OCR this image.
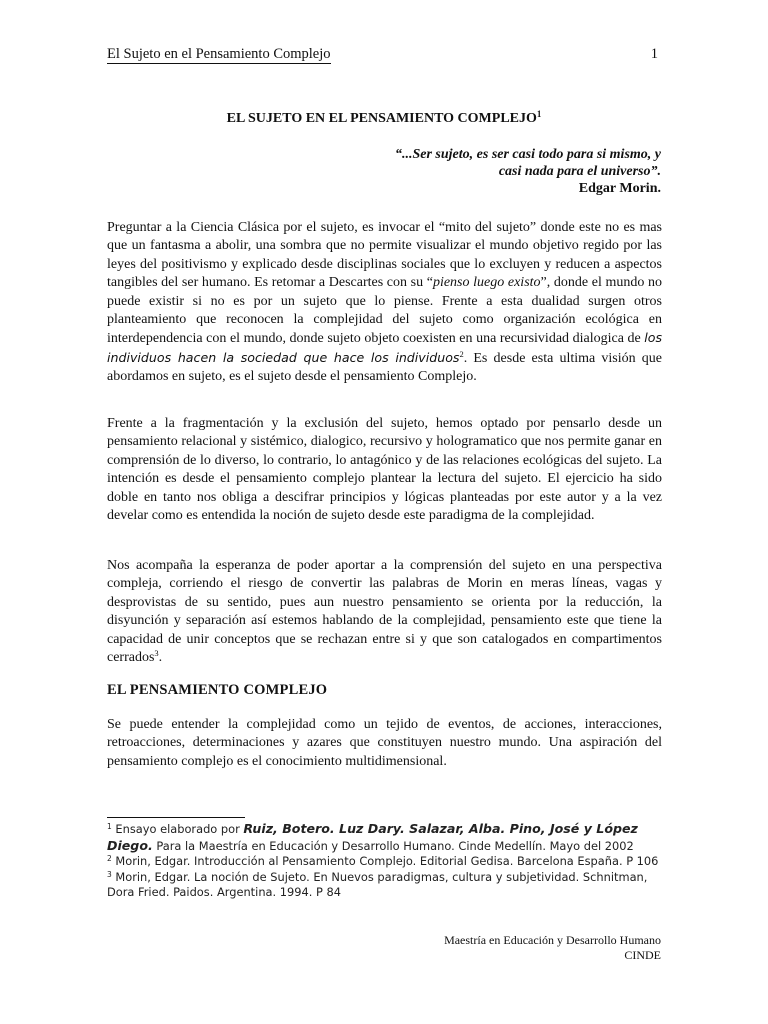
El Sujeto en el Pensamiento Complejo	1
EL SUJETO EN EL PENSAMIENTO COMPLEJO$^1$
“...Ser sujeto, es ser casi todo para si mismo, y
casi nada para el universo”.
Edgar Morin.
Preguntar a la Ciencia Clásica por el sujeto, es invocar el “mito del sujeto” donde este no es mas que un fantasma a abolir, una sombra que no permite visualizar el mundo objetivo regido por las leyes del positivismo y explicado desde disciplinas sociales que lo excluyen y reducen a aspectos tangibles del ser humano. Es retomar a Descartes con su “pienso luego existo”, donde el mundo no puede existir si no es por un sujeto que lo piense. Frente a esta dualidad surgen otros planteamiento que reconocen la complejidad del sujeto como organización ecológica en interdependencia con el mundo, donde sujeto objeto coexisten en una recursividad dialogica de los individuos hacen la sociedad que hace los individuos$^2$. Es desde esta ultima visión que abordamos en sujeto, es el sujeto desde el pensamiento Complejo.
Frente a la fragmentación y la exclusión del sujeto, hemos optado por pensarlo desde un pensamiento relacional y sistémico, dialogico, recursivo y hologramatico que nos permite ganar en comprensión de lo diverso, lo contrario, lo antagónico y de las relaciones ecológicas del sujeto. La intención es desde el pensamiento complejo plantear la lectura del sujeto. El ejercicio ha sido doble en tanto nos obliga a descifrar principios y lógicas planteadas por este autor y a la vez develar como es entendida la noción de sujeto desde este paradigma de la complejidad.
Nos acompaña la esperanza de poder aportar a la comprensión del sujeto en una perspectiva compleja, corriendo el riesgo de convertir las palabras de Morin en meras líneas, vagas y desprovistas de su sentido, pues aun nuestro pensamiento se orienta por la reducción, la disyunción y separación así estemos hablando de la complejidad, pensamiento este que tiene la capacidad de unir conceptos que se rechazan entre si y que son catalogados en compartimentos cerrados$^3$.
EL PENSAMIENTO COMPLEJO
Se puede entender la complejidad como un tejido de eventos, de acciones, interacciones, retroacciones, determinaciones y azares que constituyen nuestro mundo. Una aspiración del pensamiento complejo es el conocimiento multidimensional.

$^1$ Ensayo elaborado por Ruiz, Botero. Luz Dary. Salazar, Alba. Pino, José y López Diego. Para la Maestría en Educación y Desarrollo Humano. Cinde Medellín. Mayo del 2002

$^2$ Morin, Edgar. Introducción al Pensamiento Complejo. Editorial Gedisa. Barcelona España. P 106

$^3$ Morin, Edgar. La noción de Sujeto. En Nuevos paradigmas, cultura y subjetividad. Schnitman, Dora Fried. Paidos. Argentina. 1994. P 84

Maestría en Educación y Desarrollo Humano
CINDE
